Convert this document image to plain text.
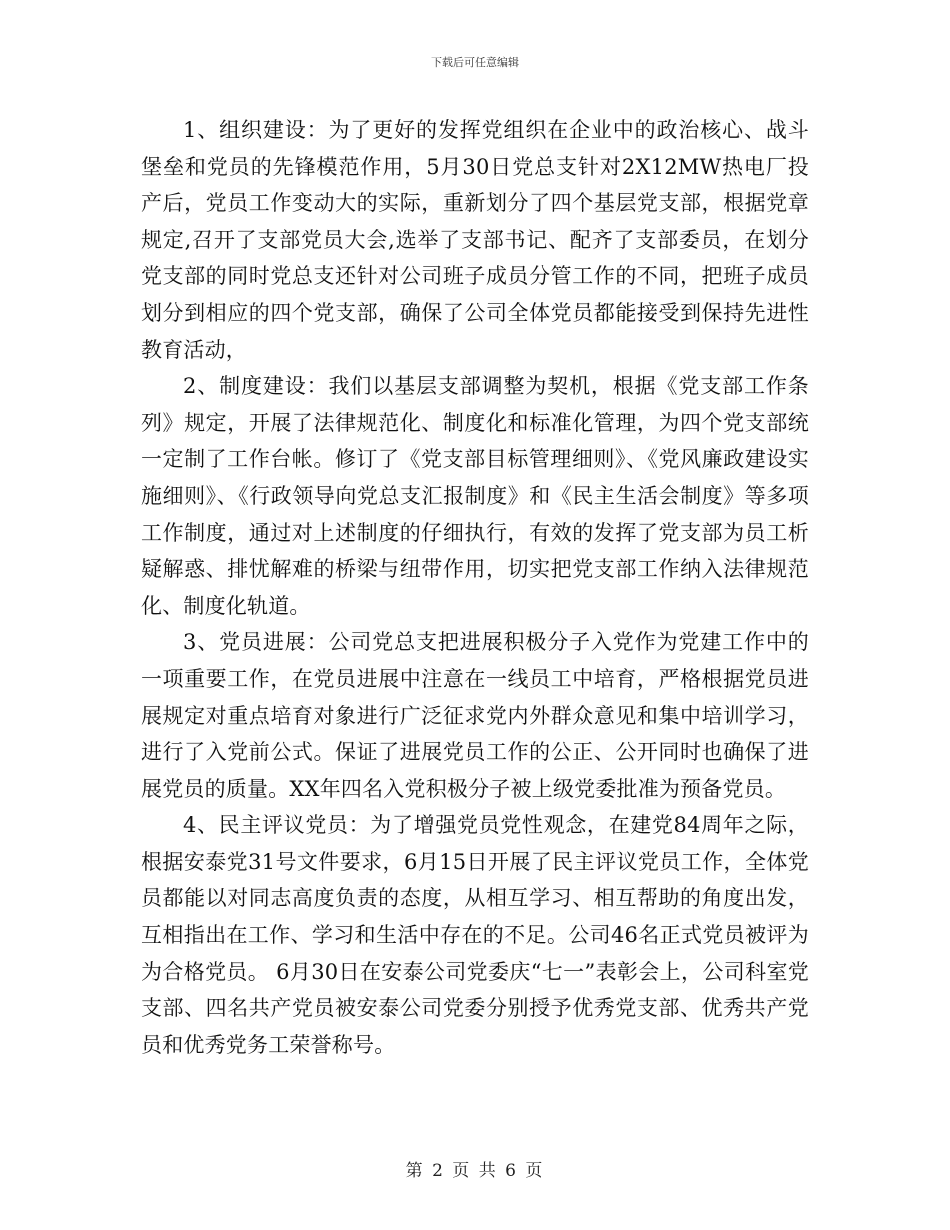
下载后可任意编辑

1、组织建设：为了更好的发挥党组织在企业中的政治核心、战斗堡垒和党员的先锋模范作用，5月30日党总支针对2X12MW热电厂投产后，党员工作变动大的实际，重新划分了四个基层党支部，根据党章规定,召开了支部党员大会,选举了支部书记、配齐了支部委员，在划分党支部的同时党总支还针对公司班子成员分管工作的不同，把班子成员划分到相应的四个党支部，确保了公司全体党员都能接受到保持先进性教育活动，

2、制度建设：我们以基层支部调整为契机，根据《党支部工作条列》规定，开展了法律规范化、制度化和标准化管理，为四个党支部统一定制了工作台帐。修订了《党支部目标管理细则》、《党风廉政建设实施细则》、《行政领导向党总支汇报制度》和《民主生活会制度》等多项工作制度，通过对上述制度的仔细执行，有效的发挥了党支部为员工析疑解惑、排忧解难的桥梁与纽带作用，切实把党支部工作纳入法律规范化、制度化轨道。

3、党员进展：公司党总支把进展积极分子入党作为党建工作中的一项重要工作，在党员进展中注意在一线员工中培育，严格根据党员进展规定对重点培育对象进行广泛征求党内外群众意见和集中培训学习，进行了入党前公式。保证了进展党员工作的公正、公开同时也确保了进展党员的质量。XX年四名入党积极分子被上级党委批准为预备党员。

4、民主评议党员：为了增强党员党性观念，在建党84周年之际，根据安泰党31号文件要求，6月15日开展了民主评议党员工作，全体党员都能以对同志高度负责的态度，从相互学习、相互帮助的角度出发，互相指出在工作、学习和生活中存在的不足。公司46名正式党员被评为为合格党员。 6月30日在安泰公司党委庆“七一”表彰会上，公司科室党支部、四名共产党员被安泰公司党委分别授予优秀党支部、优秀共产党员和优秀党务工荣誉称号。

第 2 页 共 6 页
